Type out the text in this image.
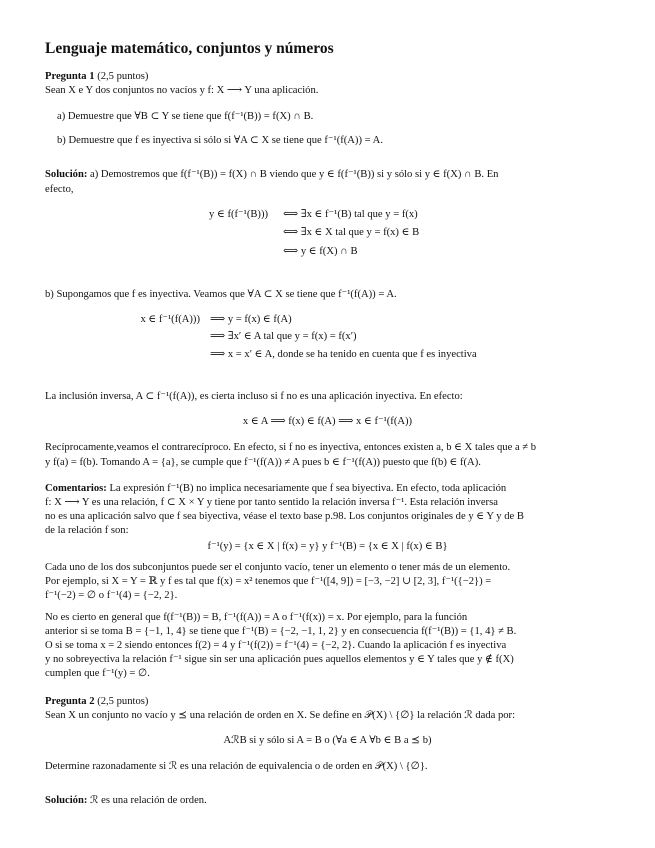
Lenguaje matemático, conjuntos y números
Pregunta 1 (2,5 puntos)
Sean X e Y dos conjuntos no vacíos y f: X ⟶ Y una aplicación.
a) Demuestre que ∀B ⊂ Y se tiene que f(f⁻¹(B)) = f(X) ∩ B.
b) Demuestre que f es inyectiva si sólo si ∀A ⊂ X se tiene que f⁻¹(f(A)) = A.
Solución: a) Demostremos que f(f⁻¹(B)) = f(X) ∩ B viendo que y ∈ f(f⁻¹(B)) si y sólo si y ∈ f(X) ∩ B. En
efecto,
y ∈ f(f⁻¹(B))) ⟺ ∃x ∈ f⁻¹(B) tal que y = f(x)
⟺ ∃x ∈ X tal que y = f(x) ∈ B
⟺ y ∈ f(X) ∩ B
b) Supongamos que f es inyectiva. Veamos que ∀A ⊂ X se tiene que f⁻¹(f(A)) = A.
x ∈ f⁻¹(f(A))) ⟹ y = f(x) ∈ f(A)
⟹ ∃x′ ∈ A tal que y = f(x) = f(x′)
⟹ x = x′ ∈ A, donde se ha tenido en cuenta que f es inyectiva
La inclusión inversa, A ⊂ f⁻¹(f(A)), es cierta incluso si f no es una aplicación inyectiva. En efecto:
x ∈ A ⟹ f(x) ∈ f(A) ⟹ x ∈ f⁻¹(f(A))
Recíprocamente,veamos el contrarecíproco. En efecto, si f no es inyectiva, entonces existen a, b ∈ X tales que a ≠ b
y f(a) = f(b). Tomando A = {a}, se cumple que f⁻¹(f(A)) ≠ A pues b ∈ f⁻¹(f(A)) puesto que f(b) ∈ f(A).
Comentarios: La expresión f⁻¹(B) no implica necesariamente que f sea biyectiva. En efecto, toda aplicación
f: X ⟶ Y es una relación, f ⊂ X × Y y tiene por tanto sentido la relación inversa f⁻¹. Esta relación inversa
no es una aplicación salvo que f sea biyectiva, véase el texto base p.98. Los conjuntos originales de y ∈ Y y de B
de la relación f son:
f⁻¹(y) = {x ∈ X | f(x) = y} y f⁻¹(B) = {x ∈ X | f(x) ∈ B}
Cada uno de los dos subconjuntos puede ser el conjunto vacío, tener un elemento o tener más de un elemento.
Por ejemplo, si X = Y = ℝ y f es tal que f(x) = x² tenemos que f⁻¹([4, 9]) = [−3, −2] ∪ [2, 3], f⁻¹({−2}) =
f⁻¹(−2) = ∅ o f⁻¹(4) = {−2, 2}.
No es cierto en general que f(f⁻¹(B)) = B, f⁻¹(f(A)) = A o f⁻¹(f(x)) = x. Por ejemplo, para la función
anterior si se toma B = {−1, 1, 4} se tiene que f⁻¹(B) = {−2, −1, 1, 2} y en consecuencia f(f⁻¹(B)) = {1, 4} ≠ B.
O si se toma x = 2 siendo entonces f(2) = 4 y f⁻¹(f(2)) = f⁻¹(4) = {−2, 2}. Cuando la aplicación f es inyectiva
y no sobreyectiva la relación f⁻¹ sigue sin ser una aplicación pues aquellos elementos y ∈ Y tales que y ∉ f(X)
cumplen que f⁻¹(y) = ∅.
Pregunta 2 (2,5 puntos)
Sean X un conjunto no vacío y ⪯ una relación de orden en X. Se define en 𝒫(X) \ {∅} la relación ℛ dada por:
AℛB si y sólo si A = B o (∀a ∈ A ∀b ∈ B a ⪯ b)
Determine razonadamente si ℛ es una relación de equivalencia o de orden en 𝒫(X) \ {∅}.
Solución: ℛ es una relación de orden.
